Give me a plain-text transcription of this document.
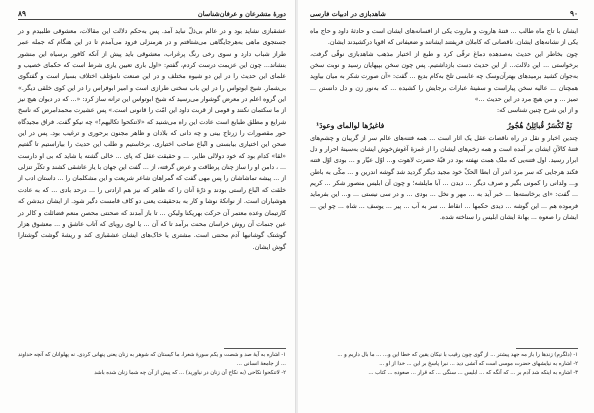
دورهٔ متشرعان و عرفان‌شناسان
۸۹

عشقبازی نشاید بود و در عالم بی‌ذلّ نباید آمد. پس به‌حکم دلالت این مقالات، معشوقی طلبیدم و در جستجوی ماهی به‌هرجایگاهی می‌شتافتم و در هرمنزلی فرود می‌آمدم تا در این هنگام که جمله عمر طراز شباب دارد و سوی رخی رنگ پرغراب، معشوقی باید پیش از آنکه کافور برسیاه این منشور بنشاند... چون این عزیمت درست کردم، گفتم: «اول باری تعیین یاری شرط است که حکمای خصیب و علمای این حدیث را در این دو شیوه مختلف و در این صنعت نامؤتلف اختلاف بسیار است و گفتگوی بی‌شمار. شیخ ابوتواس را در این باب سخنی طرازی است و امیر ابوفراس را در این کوی خلقی دیگر.» این گروه اعلم در معرض گوشوار می‌رسید که شیخ ابوتواس این ترانه ساز کرد: «... که در دیوان هیچ نیز از ما سکتمان نکنند و قومی از قربت داود این امّت را قانونی است.» پس عشیرت محمدامرض که ناسخ شرایع و مطلق طبایع است عادت این راه می‌شنید که «لاتنکحوا تکالیهم!» چه نیکو گفت. فراق مجیدگاه حور مقصورات را زرتاج بینی و چه دانی که بلادان و ظاهر مجنون برحوری و ترغیب بود. پس در این صحن این اختیاری بیابستی و اتّباع صاحب اختیاری. برخاستیم و طلب این حدیث را بیاراستیم تا گفتیم «لقا» کدام بود که خود دولالی طایر. ... و حقیقت عقل که پای ... خالی گشته یا شاید که بی او دارست ... ، دامن او را ساز چنان پرطاقت و عرض گرفته، از ... گفت این جهان با یار عاشقی کشند و تکثّر تنزلی از ... پیشه تماشاشان را پس مهی گفت که گمراهان شاعر شریعت و این مشکلمان را ... داستان ادب از خلقت که اتّباع راستی بودند و ذرّهٔ آنان را که ظاهر که نیز هم ارادتی را ... درحد بادی ... که به عادت هوشیاران است. از نوانکهٔ نوشا و کار به بدحقیقت یعنی دو کاف قامست دگیر شود. از ایشان دیدشن که کارتیمان وعده معتمر آن حرکت بهریکنا ولیکن ... تا باز آمدند که صحنتی محصن منعم فضائلت و کالر در عین جنمات آن روش خراسان محنت برآمد تا که آن ... یا لوی رویای که آتاب عاشق و ... معشوق هزار گوشتک گوشانیها آدم محنتی است. مشتری یا خاک‌های ایشان عشقبازی کند و ریشهٔ گوشت گوشتارا گوش ایشان.

۱- اشاره به آیهٔ صد و شصت و یکم سورهٔ شعرا، ما کیستان که شوهر به زنان یعنی پنهانی کردی. نه پهلوانان که آنچه خداوند ... از جامعهٔ انسانی ...

۲- لاتنکحوا نکاحی (به نکاح آن زنان در نیاورید) ... که پیش از آن چه شما زنان شده باشد

۹۰
شاهدبازی در ادبیات فارسی

ایشان با تاج ماه طالب ... فتنهٔ هاروت و ماروت یکی از افسانه‌های ایشان است و حادثهٔ داود و حاج ماه یکی از نشانه‌های ایشان. ناقصانی که کاملان فریفتند ایشانند و ضعیفانی که اقویا درکشیدند ایشان.

چون بخاطر این حدیث به‌صدهده دماغ ترقّی کرد و طبع از اختیار مذهب شاهدبازی نوقّی گرفت، برخواستی ... این دلالت... از این حدیث دست بازداشتیم. پس چون سخن بپیهایان رسید و نوبت سخن به‌جوان کشید برمیدهای بهترآن‌وسک چه عابسی تلخ به‌کام بدیع ... گفت: «آن صورت شکر به میان بیاوید همچنان ... عالیه سخن پیاراست و سفینهٔ عبارات برجایش را کشیده ... که به‌نور زن و دل دانستن ... تمیز ... و من هیچ مرد در این حدیث ...»

و از این شرح چنین شناسی که:

نَعْ تُکْسَرُ قُبائِلِنُ هُجُورُ
فاغیرُها لوالمای وعودَ¹

چندین اخبار و نقل در راه ناقصات عقل یک اثار است ... همه فتنه‌های عالم سر از گریبان و چشم‌های فتنهٔ کالآنِ ایشان بر آمده است و همه زخم‌های ایشان را از غمزهٔ آغوش‌خوش ایشان به‌سینهٔ احرار و دل ابرار رسید. اول فتنه‌یی که ملک همت نهفته بود در قبّهٔ حضرت لاهوت و... اوّل عیّار و ... بودی اوّل فتنه فکند هرجایی که سر مرد اندر آن ابطا الحکّ خود مجید دیگر گردید شد گوشه اندرین و ... مکّی به باطن و... ولدانی را کمونی بگیر و صرف دیگر ... دیدن ... آبا مایلشه؛ و چون آن ابلیس منصور شکر ... کریم ... گفت: «ای برخاسته‌ها ... خبر آید به ... مهر و نخل ... بودی ... و در سی نیستی ... و... این بفرماید فرموده هم ... این گوشه ... دیدی حکمها ... انقاط ... سر به آب ... پیر ... یوسف ... شاه ... چو این ... ایشان را صعوه ... بهانهٔ ایشان ابلیس را سناخته شده.

۱- (دلگرم) زندها را باز مه جهد پیشتر ... از گوی چون رقیب با نیکان یقین که خطا این و... ... ما بال داریم و ...

۲- اشاره به نیایشهای حضرت موسی است که آتشی دید ... نبرا پاسخ بر این ... خدا از او ...

۳- اشاره به اینکه شد آدم بر ... که آنگه که ... ابلیس ... سنگی ... که قرار ... صعوده ... کتاب ...
